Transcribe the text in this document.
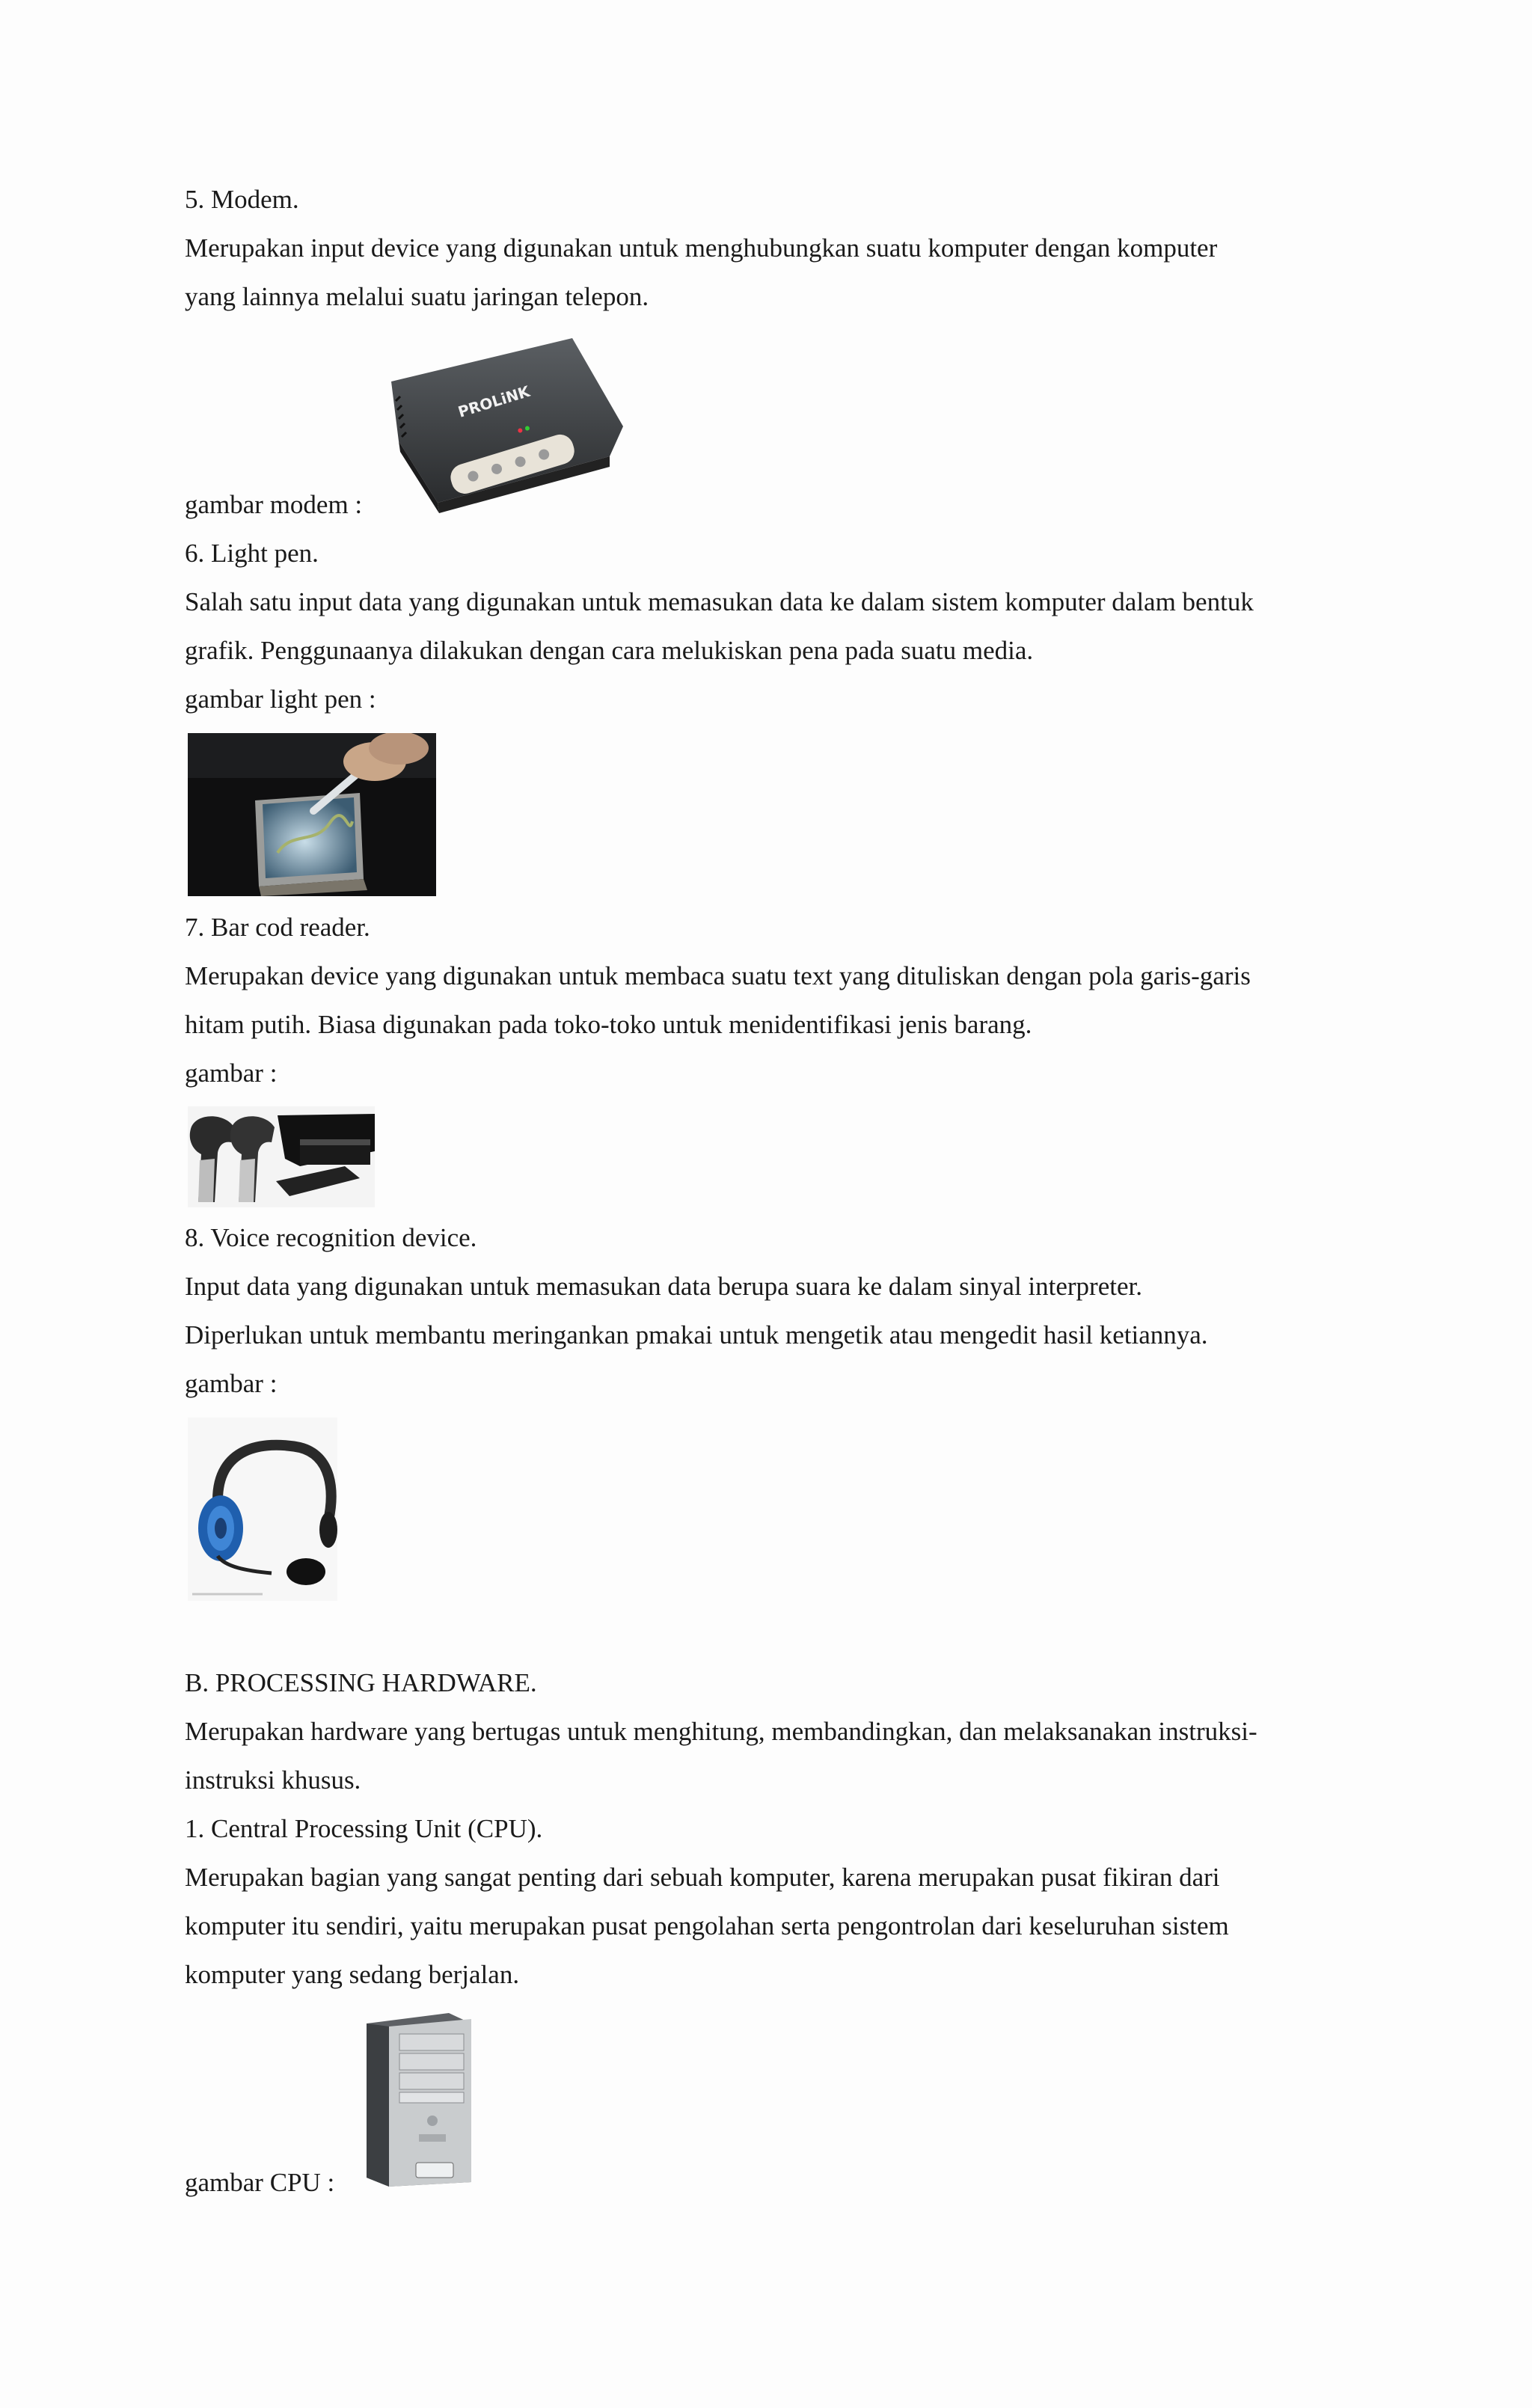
5. Modem.
Merupakan input device yang digunakan untuk menghubungkan suatu komputer dengan komputer
yang lainnya melalui suatu jaringan telepon.
PROLiNK
gambar modem :
6. Light pen.
Salah satu input data yang digunakan untuk memasukan data ke dalam sistem komputer dalam bentuk
grafik. Penggunaanya dilakukan dengan cara melukiskan pena pada suatu media.
gambar light pen :
7. Bar cod reader.
Merupakan device yang digunakan untuk membaca suatu text yang dituliskan dengan pola garis-garis
hitam putih. Biasa digunakan pada toko-toko untuk menidentifikasi jenis barang.
gambar :
8. Voice recognition device.
Input data yang digunakan untuk memasukan data berupa suara ke dalam sinyal interpreter.
Diperlukan untuk membantu meringankan pmakai untuk mengetik atau mengedit hasil ketiannya.
gambar :
B. PROCESSING HARDWARE.
Merupakan hardware yang bertugas untuk menghitung, membandingkan, dan melaksanakan instruksi-
instruksi khusus.
1. Central Processing Unit (CPU).
Merupakan bagian yang sangat penting dari sebuah komputer, karena merupakan pusat fikiran dari
komputer itu sendiri, yaitu merupakan pusat pengolahan serta pengontrolan dari keseluruhan sistem
komputer yang sedang berjalan.
gambar CPU :
